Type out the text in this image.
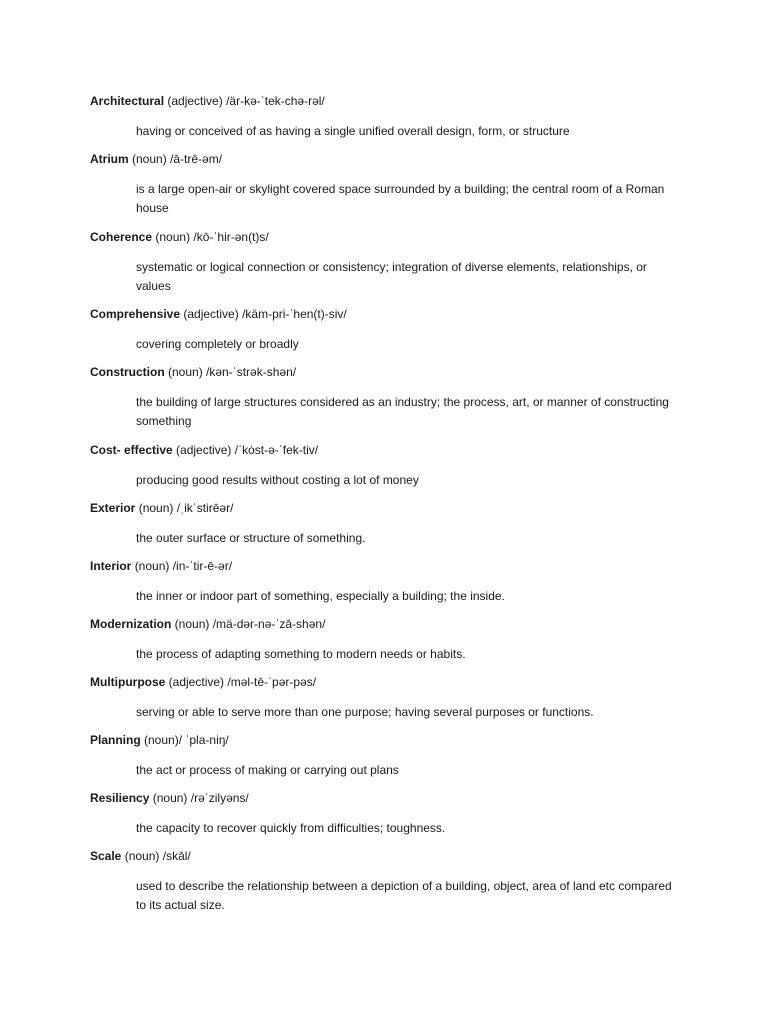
Architectural (adjective) /är-kə-ˈtek-chə-rəl/
having or conceived of as having a single unified overall design, form, or structure
Atrium (noun) /ā-trē-əm/
is a large open-air or skylight covered space surrounded by a building; the central room of a Roman house
Coherence (noun) /kō-ˈhir-ən(t)s/
systematic or logical connection or consistency; integration of diverse elements, relationships, or values
Comprehensive (adjective) /käm-pri-ˈhen(t)-siv/
covering completely or broadly
Construction (noun) /kən-ˈstrək-shən/
the building of large structures considered as an industry; the process, art, or manner of constructing something
Cost- effective (adjective) /ˈkȯst-ə-ˈfek-tiv/
producing good results without costing a lot of money
Exterior (noun) /ˌikˈstirēər/
the outer surface or structure of something.
Interior (noun) /in-ˈtir-ē-ər/
the inner or indoor part of something, especially a building; the inside.
Modernization (noun) /mä-dər-nə-ˈzā-shən/
the process of adapting something to modern needs or habits.
Multipurpose (adjective) /məl-tē-ˈpər-pəs/
serving or able to serve more than one purpose; having several purposes or functions.
Planning (noun)/ ˈpla-niŋ/
the act or process of making or carrying out plans
Resiliency (noun) /rəˈzilyəns/
the capacity to recover quickly from difficulties; toughness.
Scale (noun) /skāl/
used to describe the relationship between a depiction of a building, object, area of land etc compared to its actual size.
